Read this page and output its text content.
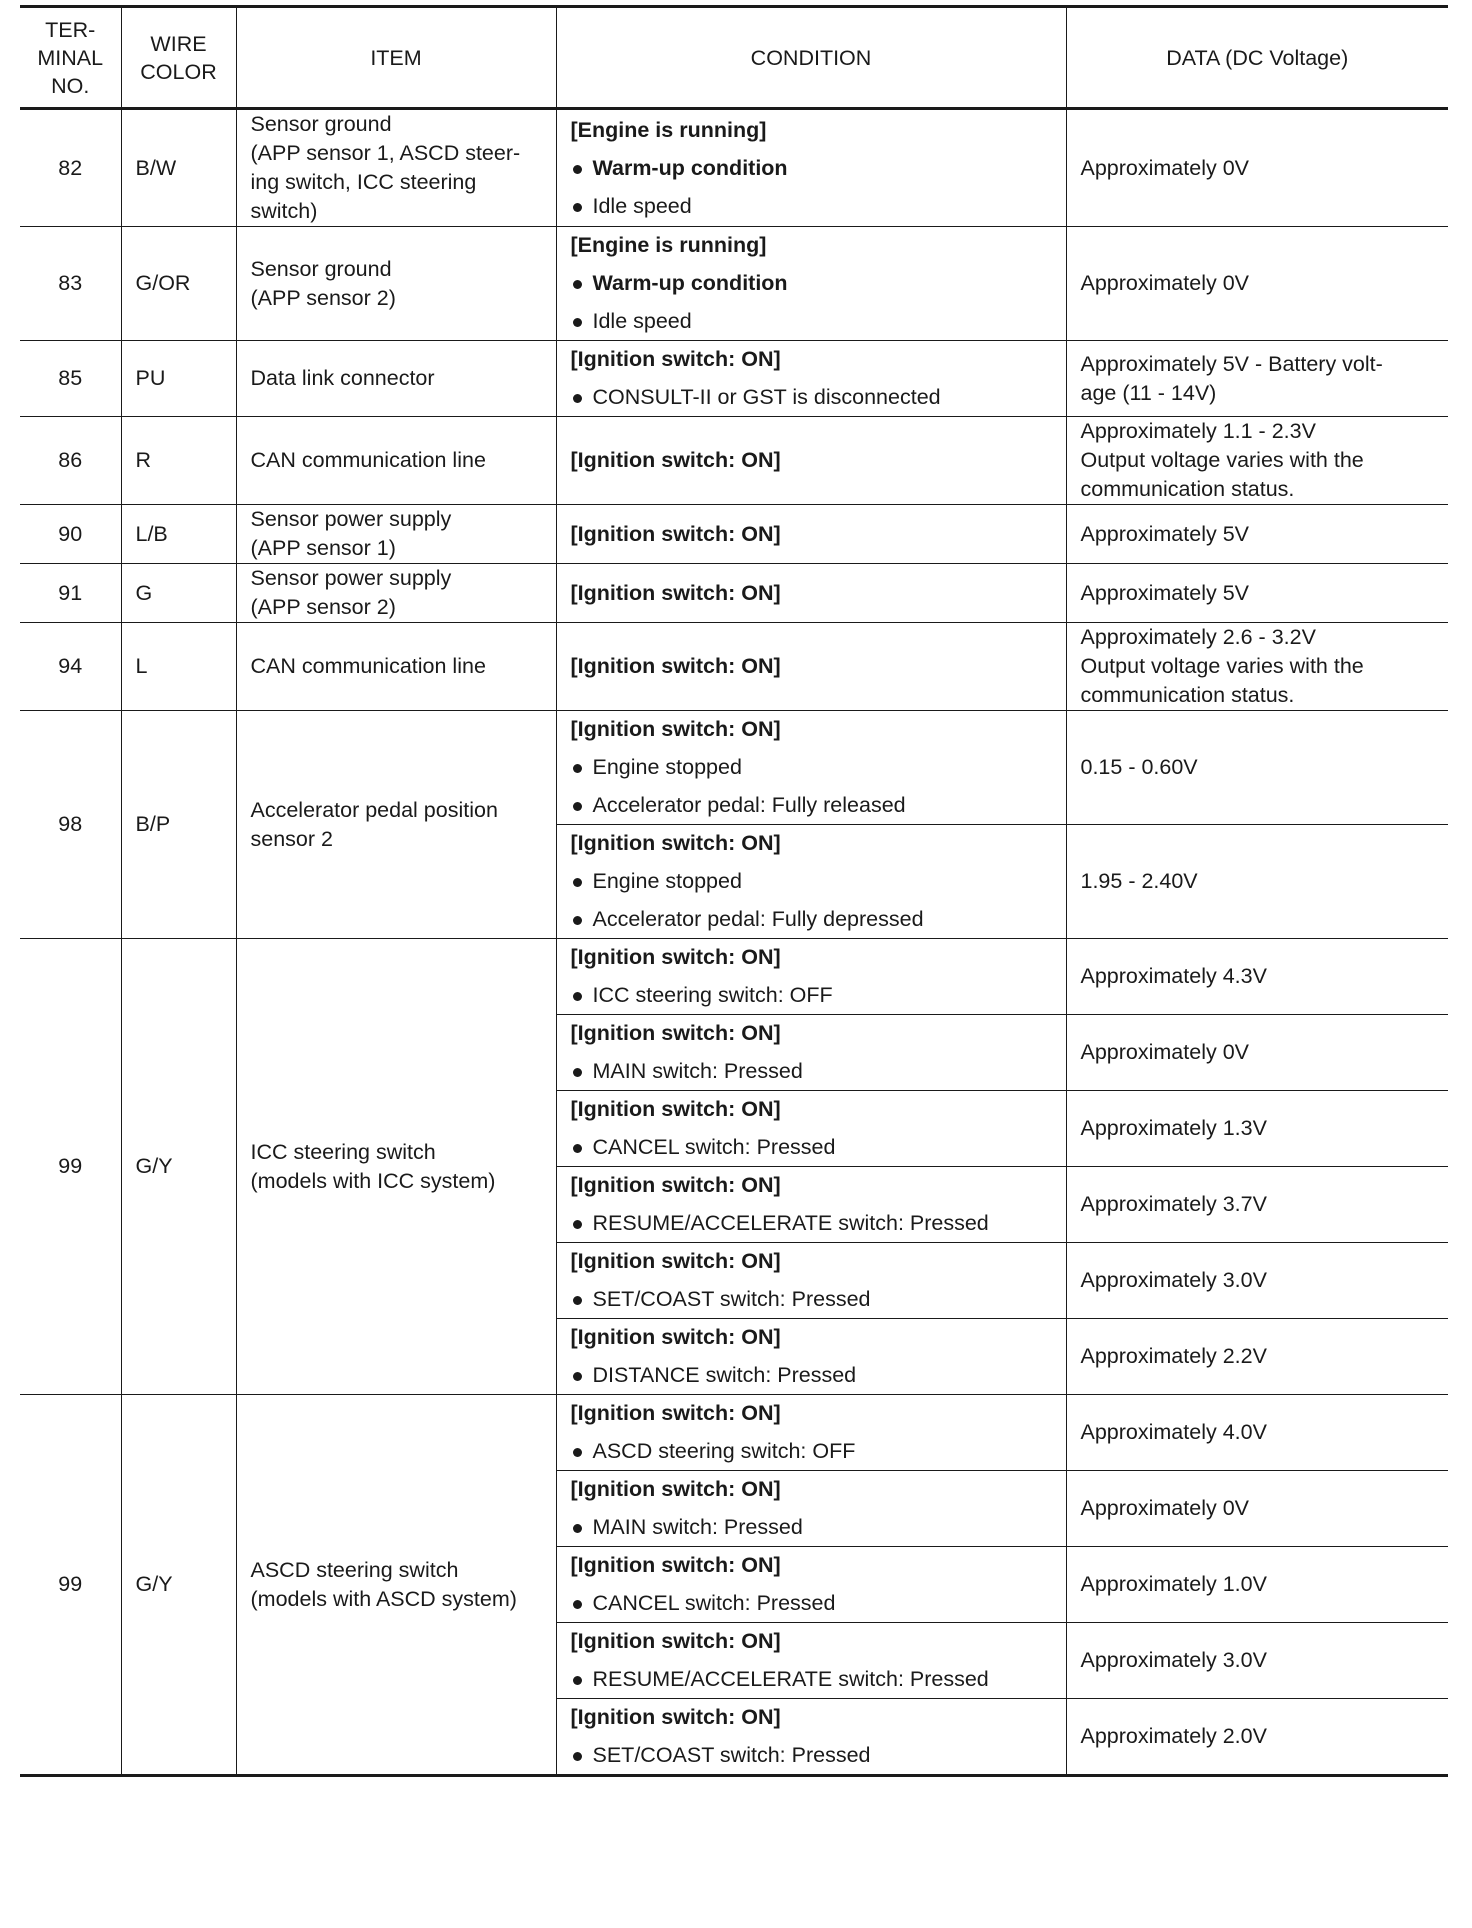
TER-
MINAL
NO.	WIRE
COLOR	ITEM	CONDITION	DATA (DC Voltage)
82	B/W	Sensor ground
(APP sensor 1, ASCD steer-
ing switch, ICC steering
switch)	[Engine is running]
Warm-up condition
Idle speed	Approximately 0V
83	G/OR	Sensor ground
(APP sensor 2)	[Engine is running]
Warm-up condition
Idle speed	Approximately 0V
85	PU	Data link connector	[Ignition switch: ON]
CONSULT-II or GST is disconnected	Approximately 5V - Battery volt-
age (11 - 14V)
86	R	CAN communication line	[Ignition switch: ON]	Approximately 1.1 - 2.3V
Output voltage varies with the
communication status.
90	L/B	Sensor power supply
(APP sensor 1)	[Ignition switch: ON]	Approximately 5V
91	G	Sensor power supply
(APP sensor 2)	[Ignition switch: ON]	Approximately 5V
94	L	CAN communication line	[Ignition switch: ON]	Approximately 2.6 - 3.2V
Output voltage varies with the
communication status.
98	B/P	Accelerator pedal position
sensor 2	[Ignition switch: ON]
Engine stopped
Accelerator pedal: Fully released	0.15 - 0.60V

			[Ignition switch: ON]
Engine stopped
Accelerator pedal: Fully depressed	1.95 - 2.40V
99	G/Y	ICC steering switch
(models with ICC system)	[Ignition switch: ON]
ICC steering switch: OFF	Approximately 4.3V

			[Ignition switch: ON]
MAIN switch: Pressed	Approximately 0V

			[Ignition switch: ON]
CANCEL switch: Pressed	Approximately 1.3V

			[Ignition switch: ON]
RESUME/ACCELERATE switch: Pressed	Approximately 3.7V

			[Ignition switch: ON]
SET/COAST switch: Pressed	Approximately 3.0V

			[Ignition switch: ON]
DISTANCE switch: Pressed	Approximately 2.2V
99	G/Y	ASCD steering switch
(models with ASCD system)	[Ignition switch: ON]
ASCD steering switch: OFF	Approximately 4.0V

			[Ignition switch: ON]
MAIN switch: Pressed	Approximately 0V

			[Ignition switch: ON]
CANCEL switch: Pressed	Approximately 1.0V

			[Ignition switch: ON]
RESUME/ACCELERATE switch: Pressed	Approximately 3.0V

			[Ignition switch: ON]
SET/COAST switch: Pressed	Approximately 2.0V
